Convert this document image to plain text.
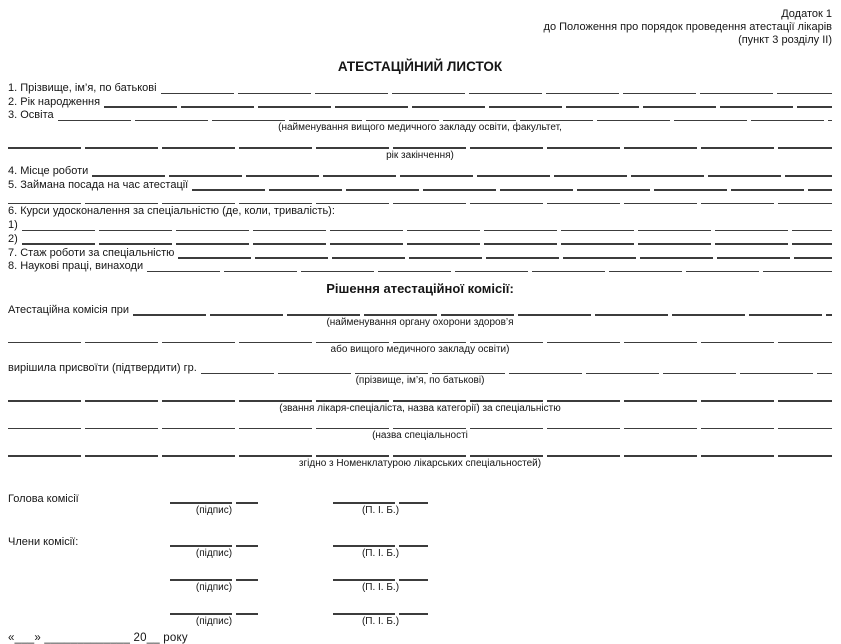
Додаток 1
до Положення про порядок проведення атестації лікарів
(пункт 3 розділу ІІ)
АТЕСТАЦІЙНИЙ ЛИСТОК
1. Прізвище, ім’я, по батькові
2. Рік народження
3. Освіта
(найменування вищого медичного закладу освіти, факультет,
рік закінчення)
4. Місце роботи
5. Займана посада на час атестації
6. Курси удосконалення за спеціальністю (де, коли, тривалість):
1)
2)
7. Стаж роботи за спеціальністю
8. Наукові праці, винаходи
Рішення атестаційної комісії:
Атестаційна комісія при
(найменування органу охорони здоров’я
або вищого медичного закладу освіти)
вирішила присвоїти (підтвердити) гр.
(прізвище, ім’я, по батькові)
(звання лікаря-спеціаліста, назва категорії) за спеціальністю
(назва спеціальності
згідно з Номенклатурою лікарських спеціальностей)
Голова комісії
(підпис)	(П. І. Б.)
Члени комісії:
(підпис)	(П. І. Б.)
(підпис)	(П. І. Б.)
(підпис)	(П. І. Б.)
«___» _____________ 20__ року
